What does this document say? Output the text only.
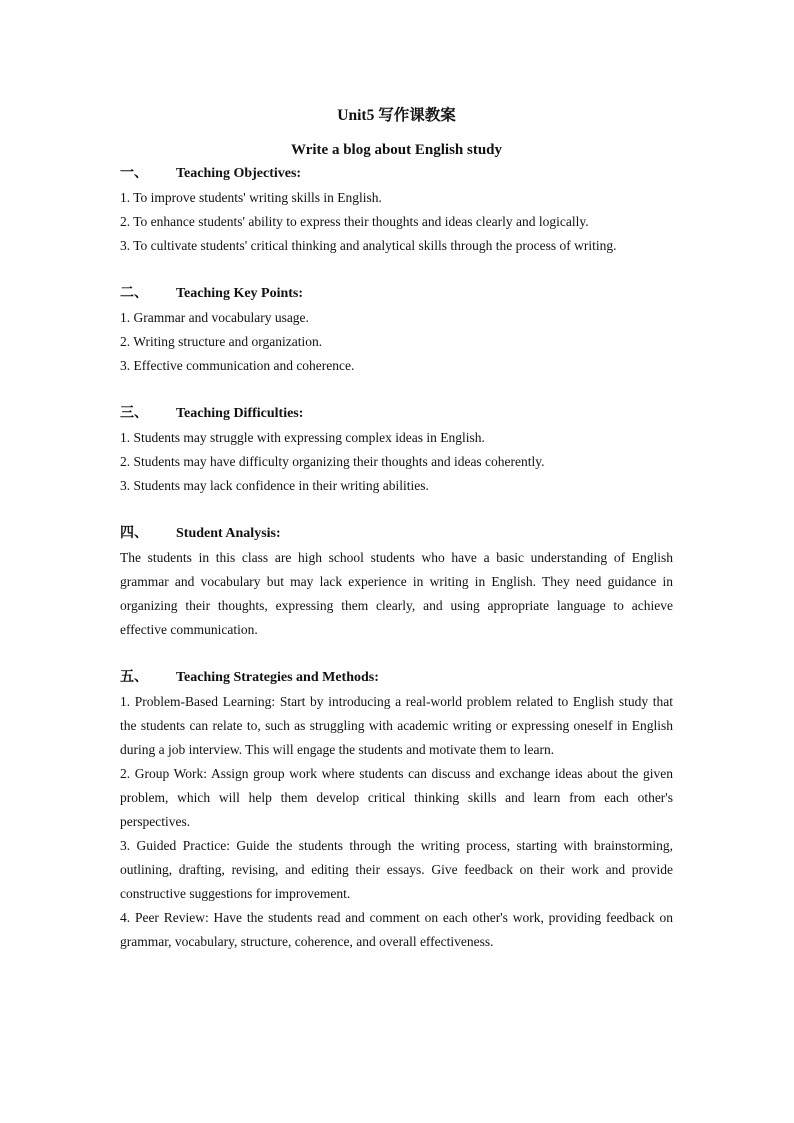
Unit5 写作课教案
Write a blog about English study
一、 Teaching Objectives:

1. To improve students' writing skills in English.

2. To enhance students' ability to express their thoughts and ideas clearly and logically.

3. To cultivate students' critical thinking and analytical skills through the process of writing.

二、 Teaching Key Points:

1. Grammar and vocabulary usage.

2. Writing structure and organization.

3. Effective communication and coherence.

三、 Teaching Difficulties:

1. Students may struggle with expressing complex ideas in English.

2. Students may have difficulty organizing their thoughts and ideas coherently.

3. Students may lack confidence in their writing abilities.

四、 Student Analysis:

The students in this class are high school students who have a basic understanding of English grammar and vocabulary but may lack experience in writing in English. They need guidance in organizing their thoughts, expressing them clearly, and using appropriate language to achieve effective communication.

五、 Teaching Strategies and Methods:

1. Problem-Based Learning: Start by introducing a real-world problem related to English study that the students can relate to, such as struggling with academic writing or expressing oneself in English during a job interview. This will engage the students and motivate them to learn.

2. Group Work: Assign group work where students can discuss and exchange ideas about the given problem, which will help them develop critical thinking skills and learn from each other's perspectives.

3. Guided Practice: Guide the students through the writing process, starting with brainstorming, outlining, drafting, revising, and editing their essays. Give feedback on their work and provide constructive suggestions for improvement.

4. Peer Review: Have the students read and comment on each other's work, providing feedback on grammar, vocabulary, structure, coherence, and overall effectiveness.
